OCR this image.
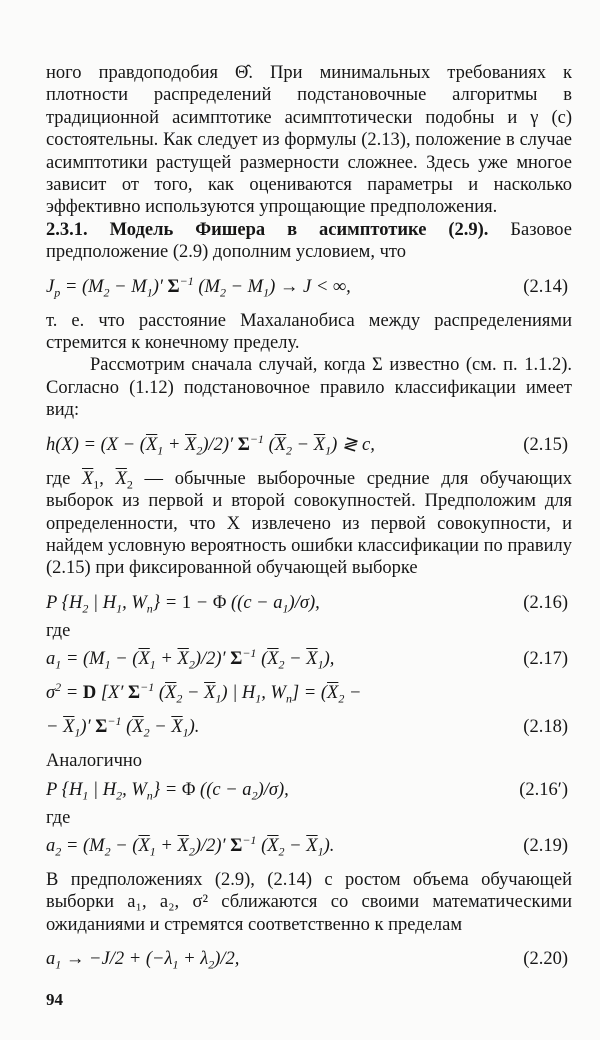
ного правдоподобия Θ̂. При минимальных требованиях к плотности распределений подстановочные алгоритмы в традиционной асимптотике асимптотически подобны и γ (c) состоятельны. Как следует из формулы (2.13), положение в случае асимптотики растущей размерности сложнее. Здесь уже многое зависит от того, как оцениваются параметры и насколько эффективно используются упрощающие предположения.

2.3.1. Модель Фишера в асимптотике (2.9). Базовое предположение (2.9) дополним условием, что

$J_p = (M_2 - M_1)'$ $\Sigma^{-1}$ $(M_2 - M_1) \to J$ < ∞,	(2.14)

т. е. что расстояние Махаланобиса между распределениями стремится к конечному пределу.

Рассмотрим сначала случай, когда Σ известно (см. п. 1.1.2). Согласно (1.12) подстановочное правило классификации имеет вид:

$h(X) = (X - (\overline{X}_1 + \overline{X}_2)/2)'$ $\Sigma^{-1}$ $(\overline{X}_2 - \overline{X}_1)$ ≷ c,	(2.15)

где $\overline{X}_1$, $\overline{X}_2$ — обычные выборочные средние для обучающих выборок из первой и второй совокупностей. Предположим для определенности, что X извлечено из первой совокупности, и найдем условную вероятность ошибки классификации по правилу (2.15) при фиксированной обучающей выборке

P {$H_2$ | $H_1$, $W_n\} = 1 - \Phi$ $((c - a_1)/\sigma)$,	(2.16)

где

$a_1 = (M_1 - (\overline{X}_1 + \overline{X}_2)/2)'$ $\Sigma^{-1}$ $(\overline{X}_2 - \overline{X}_1)$,	(2.17)
$\sigma^2 = D$ [X′ $\Sigma^{-1}$ $(\overline{X}_2 - \overline{X}_1)$ | $H_1$, $W_n] = (\overline{X}_2$ −
− $\overline{X}_1)'$ $\Sigma^{-1}$ $(\overline{X}_2 - \overline{X}_1)$.	(2.18)

Аналогично

P {$H_1$ | $H_2$, $W_n\} = \Phi$ $((c - a_2)/\sigma)$,	(2.16′)

где

$a_2 = (M_2 - (\overline{X}_1 + \overline{X}_2)/2)'$ $\Sigma^{-1}$ $(\overline{X}_2 - \overline{X}_1)$.	(2.19)

В предположениях (2.9), (2.14) с ростом объема обучающей выборки a₁, a₂, σ² сближаются со своими математическими ожиданиями и стремятся соответственно к пределам

$a_1 \to -J/2 + (-\lambda_1 + \lambda_2)/2$,	(2.20)
94
